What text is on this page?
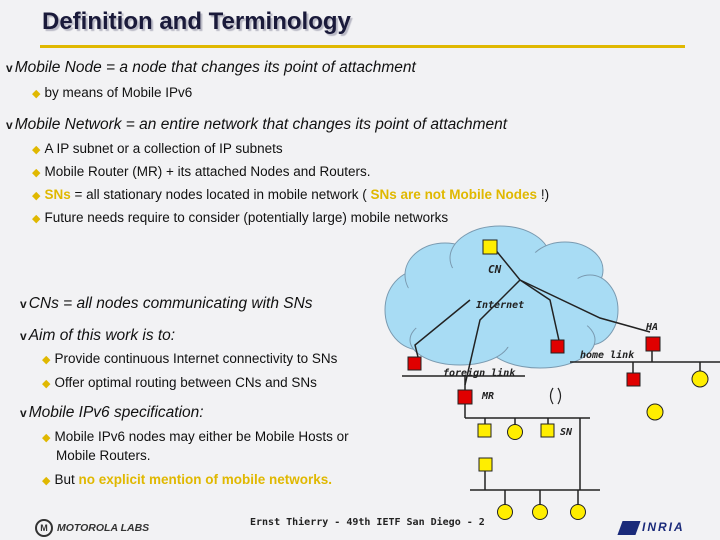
Definition and Terminology
v Mobile Node = a node that changes its point of attachment
◆ by means of Mobile IPv6
v Mobile Network = an entire network that changes its point of attachment
◆ A IP subnet or a collection of IP subnets
◆ Mobile Router (MR) + its attached Nodes and Routers.
◆ SNs = all stationary nodes located in mobile network ( SNs are not Mobile Nodes !)
◆ Future needs require to consider (potentially large) mobile networks
v CNs = all nodes communicating with SNs
v Aim of this work is to:
◆ Provide continuous Internet connectivity to SNs
◆ Offer optimal routing between CNs and SNs
v Mobile IPv6 specification:
◆ Mobile IPv6 nodes may either be Mobile Hosts or
Mobile Routers.
◆ But no explicit mention of mobile networks.
CN
Internet
HA
home link
foreign link
MR
SN
M MOTOROLA LABS	Ernst Thierry - 49th IETF San Diego - 2	INRIA
